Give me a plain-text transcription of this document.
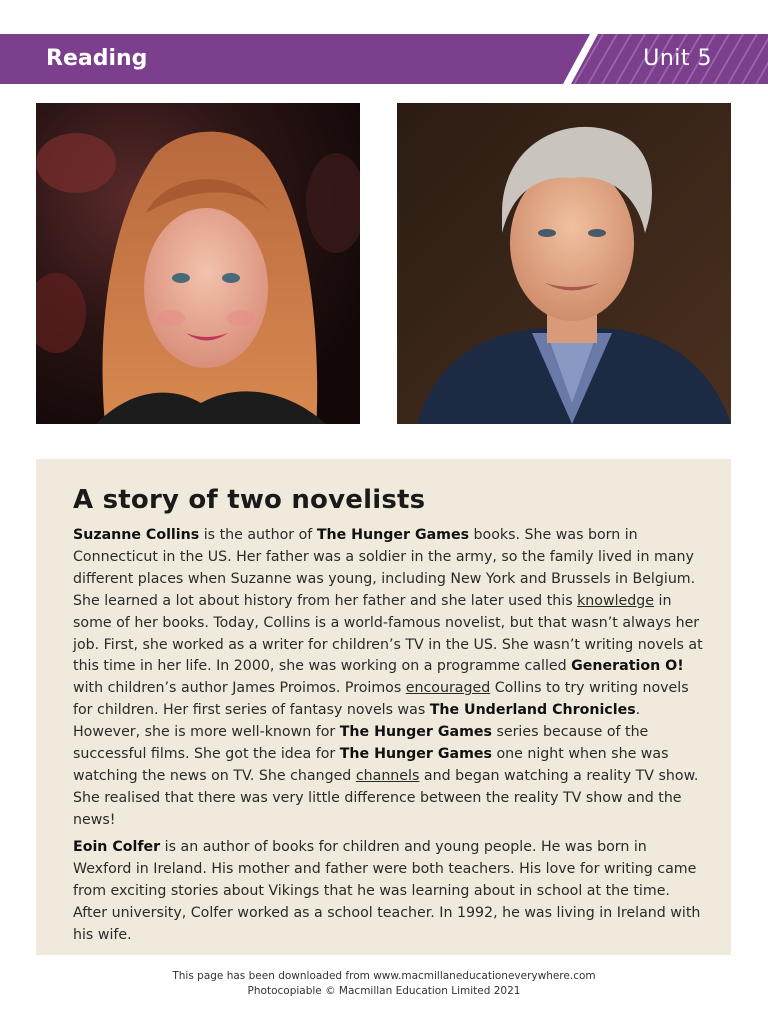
Reading	Unit 5
A story of two novelists

Suzanne Collins is the author of The Hunger Games books. She was born in Connecticut in the US. Her father was a soldier in the army, so the family lived in many different places when Suzanne was young, including New York and Brussels in Belgium. She learned a lot about history from her father and she later used this knowledge in some of her books. Today, Collins is a world-famous novelist, but that wasn’t always her job. First, she worked as a writer for children’s TV in the US. She wasn’t writing novels at this time in her life. In 2000, she was working on a programme called Generation O! with children’s author James Proimos. Proimos encouraged Collins to try writing novels for children. Her first series of fantasy novels was The Underland Chronicles. However, she is more well-known for The Hunger Games series because of the successful films. She got the idea for The Hunger Games one night when she was watching the news on TV. She changed channels and began watching a reality TV show. She realised that there was very little difference between the reality TV show and the news!

Eoin Colfer is an author of books for children and young people. He was born in Wexford in Ireland. His mother and father were both teachers. His love for writing came from exciting stories about Vikings that he was learning about in school at the time. After university, Colfer worked as a school teacher. In 1992, he was living in Ireland with his wife.

This page has been downloaded from www.macmillaneducationeverywhere.com
Photocopiable © Macmillan Education Limited 2021
